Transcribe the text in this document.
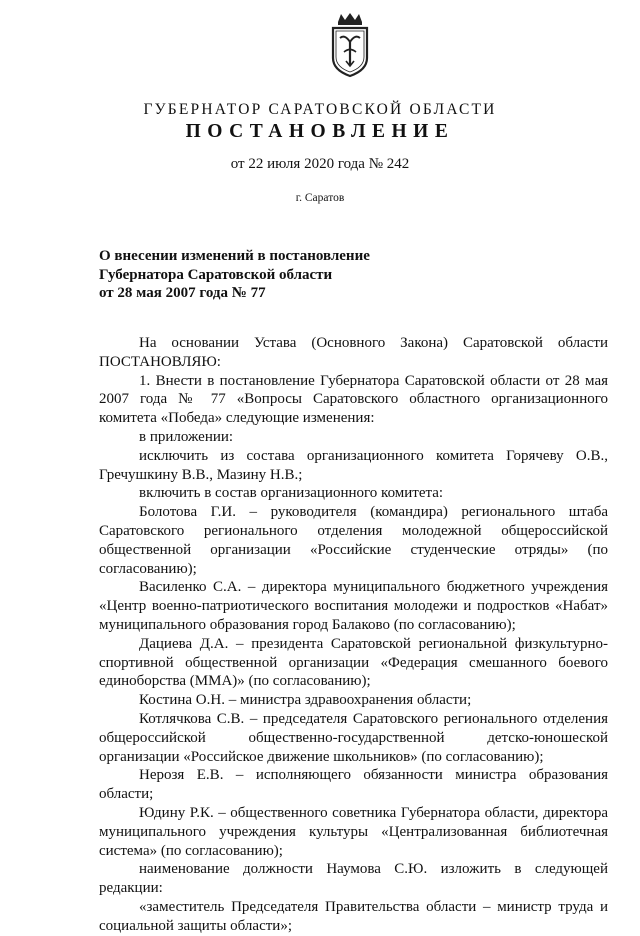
ГУБЕРНАТОР САРАТОВСКОЙ ОБЛАСТИ
ПОСТАНОВЛЕНИЕ
от 22 июля 2020 года № 242
г. Саратов
О внесении изменений в постановление
Губернатора Саратовской области
от 28 мая 2007 года № 77

На основании Устава (Основного Закона) Саратовской области ПОСТАНОВЛЯЮ:

1. Внести в постановление Губернатора Саратовской области от 28 мая 2007 года № 77 «Вопросы Саратовского областного организационного комитета «Победа» следующие изменения:

в приложении:

исключить из состава организационного комитета Горячеву О.В., Гречушкину В.В., Мазину Н.В.;

включить в состав организационного комитета:

Болотова Г.И. – руководителя (командира) регионального штаба Саратовского регионального отделения молодежной общероссийской общественной организации «Российские студенческие отряды» (по согласованию);

Василенко С.А. – директора муниципального бюджетного учреждения «Центр военно-патриотического воспитания молодежи и подростков «Набат» муниципального образования город Балаково (по согласованию);

Дациева Д.А. – президента Саратовской региональной физкультурно-спортивной общественной организации «Федерация смешанного боевого единоборства (ММА)» (по согласованию);

Костина О.Н. – министра здравоохранения области;

Котлячкова С.В. – председателя Саратовского регионального отделения общероссийской общественно-государственной детско-юношеской организации «Российское движение школьников» (по согласованию);

Нерозя Е.В. – исполняющего обязанности министра образования области;

Юдину Р.К. – общественного советника Губернатора области, директора муниципального учреждения культуры «Централизованная библиотечная система» (по согласованию);

наименование должности Наумова С.Ю. изложить в следующей редакции:

«заместитель Председателя Правительства области – министр труда и социальной защиты области»;
